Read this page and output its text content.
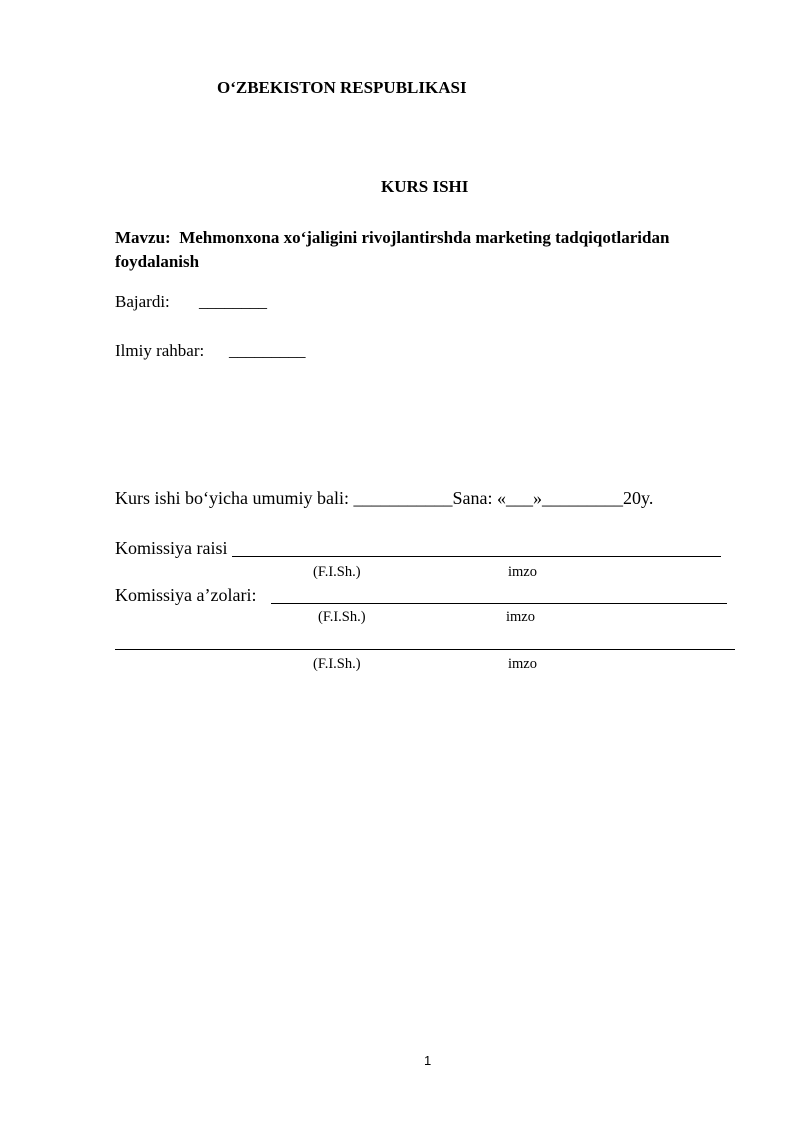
O‘ZBEKISTON RESPUBLIKASI
KURS ISHI
Mavzu: Mehmonxona xo‘jaligini rivojlantirshda marketing tadqiqotlaridan
foydalanish
Bajardi: ________
Ilmiy rahbar: _________
Kurs ishi bo‘yicha umumiy bali: ___________Sana: «___»_________20y.
Komissiya raisi
(F.I.Sh.)	imzo
Komissiya a’zolari:
(F.I.Sh.)	imzo
(F.I.Sh.)	imzo
1
